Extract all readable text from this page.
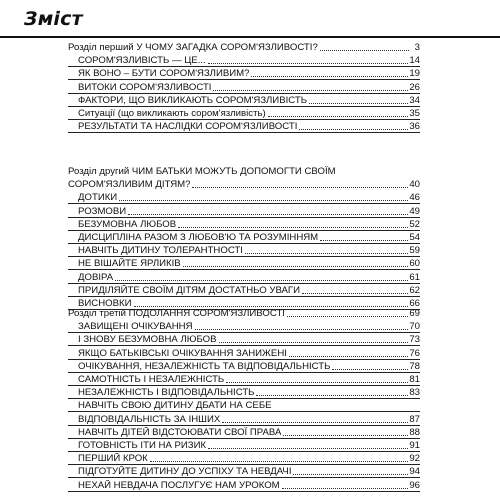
Зміст
Розділ перший У ЧОМУ ЗАГАДКА СОРОМ'ЯЗЛИВОСТІ?	3
СОРОМ'ЯЗЛИВІСТЬ — ЦЕ...	14
ЯК ВОНО – БУТИ СОРОМ'ЯЗЛИВИМ?	19
ВИТОКИ СОРОМ'ЯЗЛИВОСТІ	26
ФАКТОРИ, ЩО ВИКЛИКАЮТЬ СОРОМ'ЯЗЛИВІСТЬ	34
Ситуації (що викликають сором'язливість)	35
РЕЗУЛЬТАТИ ТА НАСЛІДКИ СОРОМ'ЯЗЛИВОСТІ	36
Розділ другий ЧИМ БАТЬКИ МОЖУТЬ ДОПОМОГТИ СВОЇМ
СОРОМ'ЯЗЛИВИМ ДІТЯМ?	40
ДОТИКИ	46
РОЗМОВИ	49
БЕЗУМОВНА ЛЮБОВ	52
ДИСЦИПЛІНА РАЗОМ З ЛЮБОВ'Ю ТА РОЗУМІННЯМ	54
НАВЧІТЬ ДИТИНУ ТОЛЕРАНТНОСТІ	59
НЕ ВІШАЙТЕ ЯРЛИКІВ	60
ДОВІРА	61
ПРИДІЛЯЙТЕ СВОЇМ ДІТЯМ ДОСТАТНЬО УВАГИ	62
ВИСНОВКИ	66
Розділ третій ПОДОЛАННЯ СОРОМ'ЯЗЛИВОСТІ	69
ЗАВИЩЕНІ ОЧІКУВАННЯ	70
І ЗНОВУ БЕЗУМОВНА ЛЮБОВ	73
ЯКЩО БАТЬКІВСЬКІ ОЧІКУВАННЯ ЗАНИЖЕНІ	76
ОЧІКУВАННЯ, НЕЗАЛЕЖНІСТЬ ТА ВІДПОВІДАЛЬНІСТЬ	78
САМОТНІСТЬ І НЕЗАЛЕЖНІСТЬ	81
НЕЗАЛЕЖНІСТЬ І ВІДПОВІДАЛЬНІСТЬ	83
НАВЧІТЬ СВОЮ ДИТИНУ ДБАТИ НА СЕБЕ
ВІДПОВІДАЛЬНІСТЬ ЗА ІНШИХ	87
НАВЧІТЬ ДІТЕЙ ВІДСТОЮВАТИ СВОЇ ПРАВА	88
ГОТОВНІСТЬ ІТИ НА РИЗИК	91
ПЕРШИЙ КРОК	92
ПІДГОТУЙТЕ ДИТИНУ ДО УСПІХУ ТА НЕВДАЧІ	94
НЕХАЙ НЕВДАЧА ПОСЛУГУЄ НАМ УРОКОМ	96
